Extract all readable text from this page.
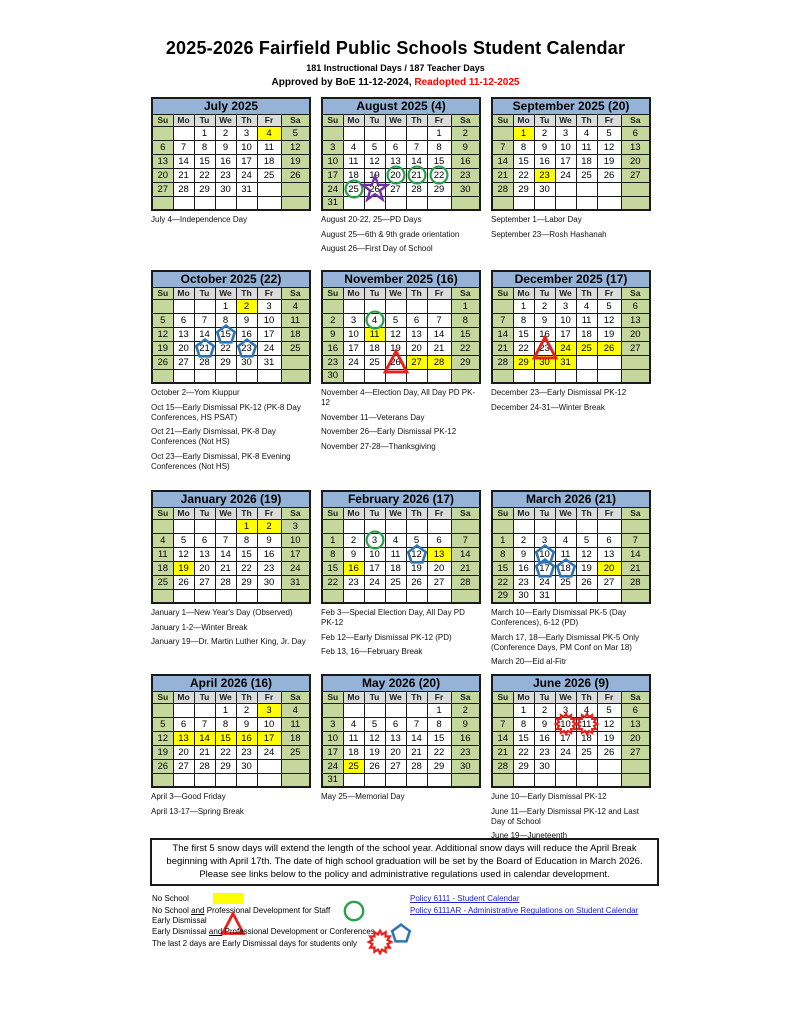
2025-2026 Fairfield Public Schools Student Calendar
181 Instructional Days / 187 Teacher Days
Approved by BoE 11-12-2024, Readopted 11-12-2025
July 2025						
Su	Mo	Tu	We	Th	Fr	Sa
		1	2	3	4	5
6	7	8	9	10	11	12
13	14	15	16	17	18	19
20	21	22	23	24	25	26
27	28	29	30	31		

July 4—Independence Day
August 2025 (4)						
Su	Mo	Tu	We	Th	Fr	Sa
					1	2
3	4	5	6	7	8	9
10	11	12	13	14	15	16
17	18	19	20	21	22	23
24	25	26	27	28	29	30
31						
August 20-22, 25—PD Days
August 25—6th & 9th grade orientation
August 26—First Day of School
September 2025 (20)						
Su	Mo	Tu	We	Th	Fr	Sa
	1	2	3	4	5	6
7	8	9	10	11	12	13
14	15	16	17	18	19	20
21	22	23	24	25	26	27
28	29	30				

September 1—Labor Day
September 23—Rosh Hashanah
October 2025 (22)						
Su	Mo	Tu	We	Th	Fr	Sa
			1	2	3	4
5	6	7	8	9	10	11
12	13	14	15	16	17	18
19	20	21	22	23	24	25
26	27	28	29	30	31	

October 2—Yom Kiuppur
Oct 15—Early Dismissal PK-12 (PK-8 Day Conferences, HS PSAT)
Oct 21—Early Dismissal, PK-8 Day Conferences (Not HS)
Oct 23—Early Dismissal, PK-8 Evening Conferences (Not HS)
November 2025 (16)						
Su	Mo	Tu	We	Th	Fr	Sa
						1
2	3	4	5	6	7	8
9	10	11	12	13	14	15
16	17	18	19	20	21	22
23	24	25	26	27	28	29
30						
November 4—Election Day, All Day PD PK-12
November 11—Veterans Day
November 26—Early Dismissal PK-12
November 27-28—Thanksgiving
December 2025 (17)						
Su	Mo	Tu	We	Th	Fr	Sa
	1	2	3	4	5	6
7	8	9	10	11	12	13
14	15	16	17	18	19	20
21	22	23	24	25	26	27
28	29	30	31			

December 23—Early Dismissal PK-12
December 24-31—Winter Break
January 2026 (19)						
Su	Mo	Tu	We	Th	Fr	Sa
				1	2	3
4	5	6	7	8	9	10
11	12	13	14	15	16	17
18	19	20	21	22	23	24
25	26	27	28	29	30	31

January 1—New Year's Day (Observed)
January 1-2—Winter Break
January 19—Dr. Martin Luther King, Jr. Day
February 2026 (17)						
Su	Mo	Tu	We	Th	Fr	Sa

1	2	3	4	5	6	7
8	9	10	11	12	13	14
15	16	17	18	19	20	21
22	23	24	25	26	27	28

Feb 3—Special Election Day, All Day PD PK-12
Feb 12—Early Dismissal PK-12 (PD)
Feb 13, 16—February Break
March 2026 (21)						
Su	Mo	Tu	We	Th	Fr	Sa

1	2	3	4	5	6	7
8	9	10	11	12	13	14
15	16	17	18	19	20	21
22	23	24	25	26	27	28
29	30	31				
March 10—Early Dismissal PK-5 (Day Conferences), 6-12 (PD)
March 17, 18—Early Dismissal PK-5 Only (Conference Days, PM Conf on Mar 18)
March 20—Eid al-Fitr
April 2026 (16)						
Su	Mo	Tu	We	Th	Fr	Sa
			1	2	3	4
5	6	7	8	9	10	11
12	13	14	15	16	17	18
19	20	21	22	23	24	25
26	27	28	29	30		

April 3—Good Friday
April 13-17—Spring Break
May 2026 (20)						
Su	Mo	Tu	We	Th	Fr	Sa
					1	2
3	4	5	6	7	8	9
10	11	12	13	14	15	16
17	18	19	20	21	22	23
24	25	26	27	28	29	30
31						
May 25—Memorial Day
June 2026 (9)						
Su	Mo	Tu	We	Th	Fr	Sa
	1	2	3	4	5	6
7	8	9	10	11	12	13
14	15	16	17	18	19	20
21	22	23	24	25	26	27
28	29	30				

June 10—Early Dismissal PK-12
June 11—Early Dismissal PK-12 and Last Day of School
June 19—Juneteenth
The first 5 snow days will extend the length of the school year. Additional snow days will reduce the April Break beginning with April 17th. The date of high school graduation will be set by the Board of Education in March 2026. Please see links below to the policy and administrative regulations used in calendar development.
No School
No School and Professional Development for Staff
Early Dismissal
Early Dismissal and Professional Development or Conferences
The last 2 days are Early Dismissal days for students only
Policy 6111 - Student Calendar
Policy 6111AR - Administrative Regulations on Student Calendar
